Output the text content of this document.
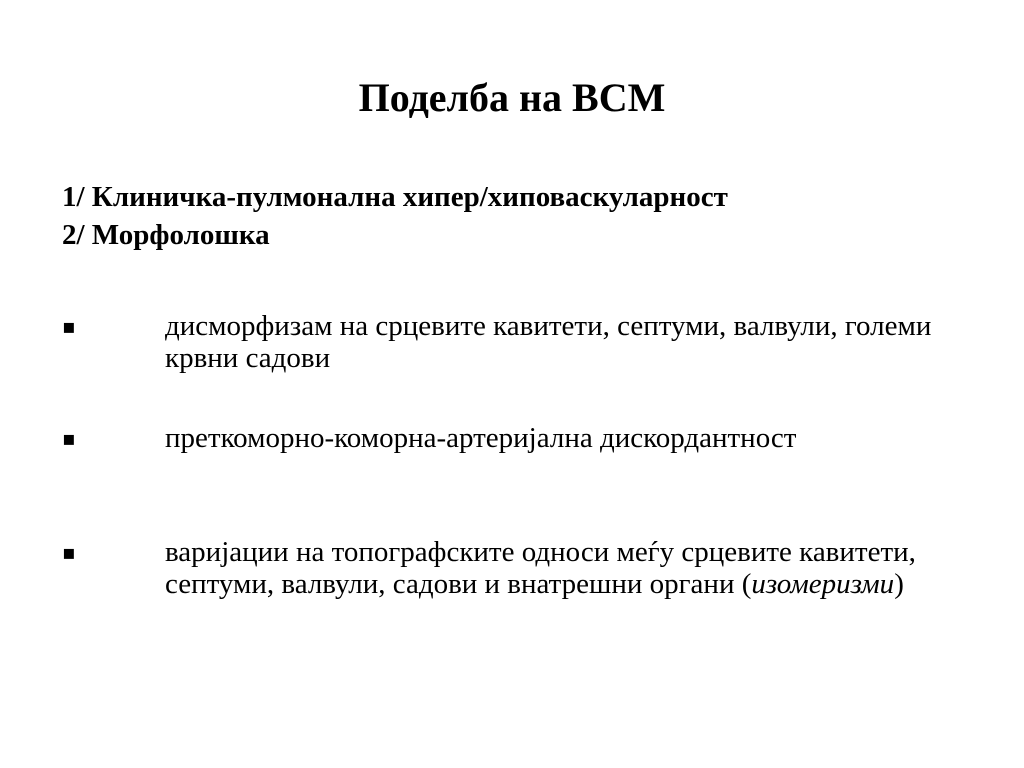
Поделба на ВСМ
1/ Клиничка-пулмонална хипер/хиповаскуларност
2/ Морфолошка
▪	дисморфизам на срцевите кавитети, септуми, валвули, големи крвни садови
▪	преткоморно-коморна-артеријална дискордантност
▪	варијации на топографските односи меѓу срцевите кавитети, септуми, валвули, садови и внатрешни органи (изомеризми)
